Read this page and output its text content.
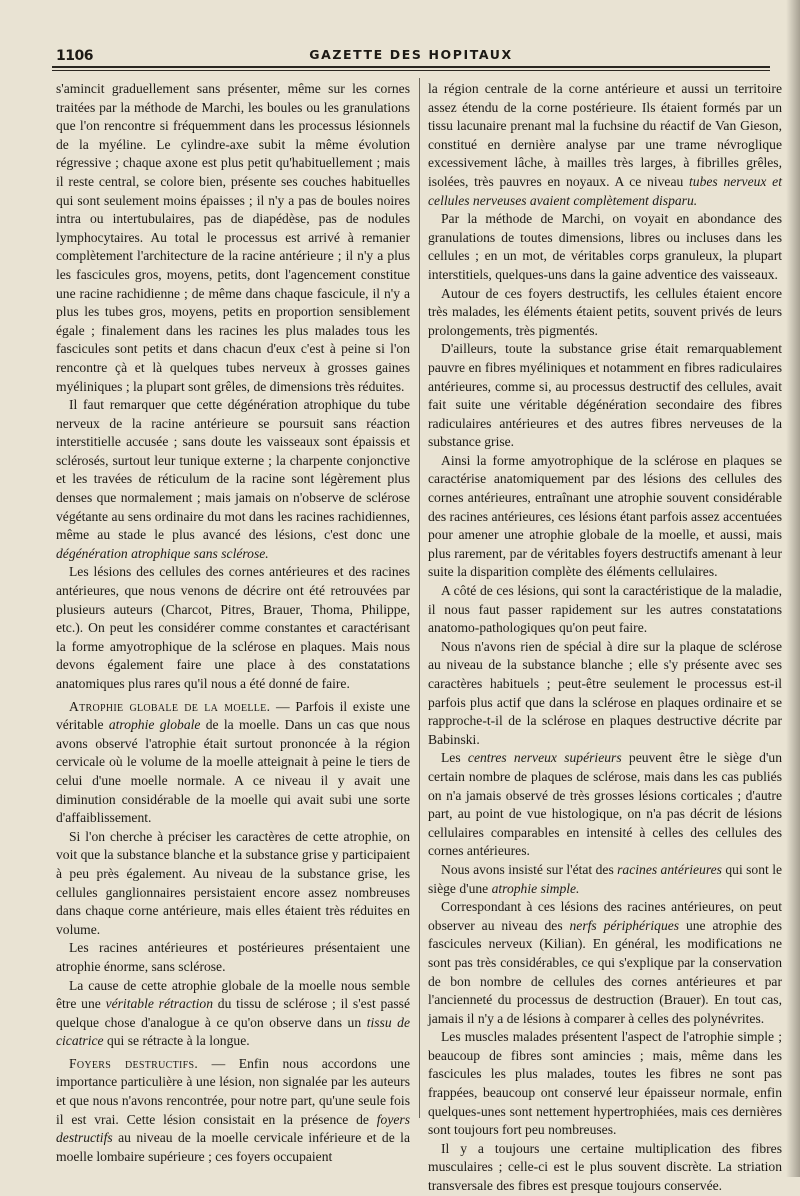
1106	GAZETTE DES HOPITAUX

s'amincit graduellement sans présenter, même sur les cornes traitées par la méthode de Marchi, les boules ou les granulations que l'on rencontre si fréquemment dans les processus lésionnels de la myéline. Le cylindre-axe subit la même évolution régressive ; chaque axone est plus petit qu'habituellement ; mais il reste central, se colore bien, présente ses couches habituelles qui sont seulement moins épaisses ; il n'y a pas de boules noires intra ou intertubulaires, pas de diapédèse, pas de nodules lymphocytaires. Au total le processus est arrivé à remanier complètement l'architecture de la racine antérieure ; il n'y a plus les fascicules gros, moyens, petits, dont l'agencement constitue une racine rachidienne ; de même dans chaque fascicule, il n'y a plus les tubes gros, moyens, petits en proportion sensiblement égale ; finalement dans les racines les plus malades tous les fascicules sont petits et dans chacun d'eux c'est à peine si l'on rencontre çà et là quelques tubes nerveux à grosses gaines myéliniques ; la plupart sont grêles, de dimensions très réduites.

Il faut remarquer que cette dégénération atrophique du tube nerveux de la racine antérieure se poursuit sans réaction interstitielle accusée ; sans doute les vaisseaux sont épaissis et sclérosés, surtout leur tunique externe ; la charpente conjonctive et les travées de réticulum de la racine sont légèrement plus denses que normalement ; mais jamais on n'observe de sclérose végétante au sens ordinaire du mot dans les racines rachidiennes, même au stade le plus avancé des lésions, c'est donc une dégénération atrophique sans sclérose.

Les lésions des cellules des cornes antérieures et des racines antérieures, que nous venons de décrire ont été retrouvées par plusieurs auteurs (Charcot, Pitres, Brauer, Thoma, Philippe, etc.). On peut les considérer comme constantes et caractérisant la forme amyotrophique de la sclérose en plaques. Mais nous devons également faire une place à des constatations anatomiques plus rares qu'il nous a été donné de faire.

Atrophie globale de la moelle. — Parfois il existe une véritable atrophie globale de la moelle. Dans un cas que nous avons observé l'atrophie était surtout prononcée à la région cervicale où le volume de la moelle atteignait à peine le tiers de celui d'une moelle normale. A ce niveau il y avait une diminution considérable de la moelle qui avait subi une sorte d'affaiblissement.

Si l'on cherche à préciser les caractères de cette atrophie, on voit que la substance blanche et la substance grise y participaient à peu près également. Au niveau de la substance grise, les cellules ganglionnaires persistaient encore assez nombreuses dans chaque corne antérieure, mais elles étaient très réduites en volume.

Les racines antérieures et postérieures présentaient une atrophie énorme, sans sclérose.

La cause de cette atrophie globale de la moelle nous semble être une véritable rétraction du tissu de sclérose ; il s'est passé quelque chose d'analogue à ce qu'on observe dans un tissu de cicatrice qui se rétracte à la longue.

Foyers destructifs. — Enfin nous accordons une importance particulière à une lésion, non signalée par les auteurs et que nous n'avons rencontrée, pour notre part, qu'une seule fois il est vrai. Cette lésion consistait en la présence de foyers destructifs au niveau de la moelle cervicale inférieure et de la moelle lombaire supérieure ; ces foyers occupaient

la région centrale de la corne antérieure et aussi un territoire assez étendu de la corne postérieure. Ils étaient formés par un tissu lacunaire prenant mal la fuchsine du réactif de Van Gieson, constitué en dernière analyse par une trame névroglique excessivement lâche, à mailles très larges, à fibrilles grêles, isolées, très pauvres en noyaux. A ce niveau tubes nerveux et cellules nerveuses avaient complètement disparu.

Par la méthode de Marchi, on voyait en abondance des granulations de toutes dimensions, libres ou incluses dans les cellules ; en un mot, de véritables corps granuleux, la plupart interstitiels, quelques-uns dans la gaine adventice des vaisseaux.

Autour de ces foyers destructifs, les cellules étaient encore très malades, les éléments étaient petits, souvent privés de leurs prolongements, très pigmentés.

D'ailleurs, toute la substance grise était remarquablement pauvre en fibres myéliniques et notamment en fibres radiculaires antérieures, comme si, au processus destructif des cellules, avait fait suite une véritable dégénération secondaire des fibres radiculaires antérieures et des autres fibres nerveuses de la substance grise.

Ainsi la forme amyotrophique de la sclérose en plaques se caractérise anatomiquement par des lésions des cellules des cornes antérieures, entraînant une atrophie souvent considérable des racines antérieures, ces lésions étant parfois assez accentuées pour amener une atrophie globale de la moelle, et aussi, mais plus rarement, par de véritables foyers destructifs amenant à leur suite la disparition complète des éléments cellulaires.

A côté de ces lésions, qui sont la caractéristique de la maladie, il nous faut passer rapidement sur les autres constatations anatomo-pathologiques qu'on peut faire.

Nous n'avons rien de spécial à dire sur la plaque de sclérose au niveau de la substance blanche ; elle s'y présente avec ses caractères habituels ; peut-être seulement le processus est-il parfois plus actif que dans la sclérose en plaques ordinaire et se rapproche-t-il de la sclérose en plaques destructive décrite par Babinski.

Les centres nerveux supérieurs peuvent être le siège d'un certain nombre de plaques de sclérose, mais dans les cas publiés on n'a jamais observé de très grosses lésions corticales ; d'autre part, au point de vue histologique, on n'a pas décrit de lésions cellulaires comparables en intensité à celles des cellules des cornes antérieures.

Nous avons insisté sur l'état des racines antérieures qui sont le siège d'une atrophie simple.

Correspondant à ces lésions des racines antérieures, on peut observer au niveau des nerfs périphériques une atrophie des fascicules nerveux (Kilian). En général, les modifications ne sont pas très considérables, ce qui s'explique par la conservation de bon nombre de cellules des cornes antérieures et par l'ancienneté du processus de destruction (Brauer). En tout cas, jamais il n'y a de lésions à comparer à celles des polynévrites.

Les muscles malades présentent l'aspect de l'atrophie simple ; beaucoup de fibres sont amincies ; mais, même dans les fascicules les plus malades, toutes les fibres ne sont pas frappées, beaucoup ont conservé leur épaisseur normale, enfin quelques-unes sont nettement hypertrophiées, mais ces dernières sont toujours fort peu nombreuses.

Il y a toujours une certaine multiplication des fibres musculaires ; celle-ci est le plus souvent discrète. La striation transversale des fibres est presque toujours conservée.
